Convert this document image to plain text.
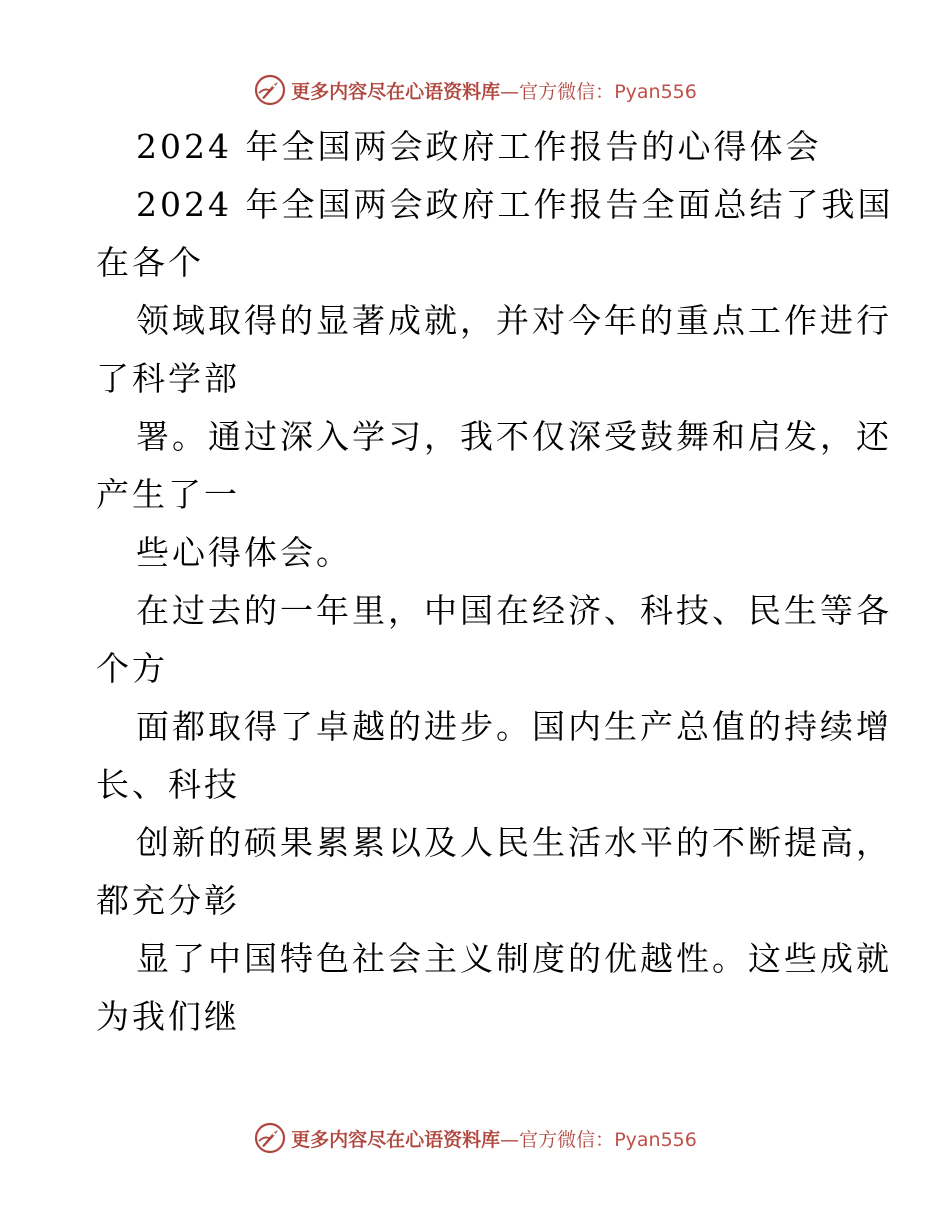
更多内容尽在心语资料库—官方微信：Pyan556
2024 年全国两会政府工作报告的心得体会
2024 年全国两会政府工作报告全面总结了我国
在各个
领域取得的显著成就，并对今年的重点工作进行
了科学部
署。通过深入学习，我不仅深受鼓舞和启发，还
产生了一
些心得体会。
在过去的一年里，中国在经济、科技、民生等各
个方
面都取得了卓越的进步。国内生产总值的持续增
长、科技
创新的硕果累累以及人民生活水平的不断提高，
都充分彰
显了中国特色社会主义制度的优越性。这些成就
为我们继
更多内容尽在心语资料库—官方微信：Pyan556
